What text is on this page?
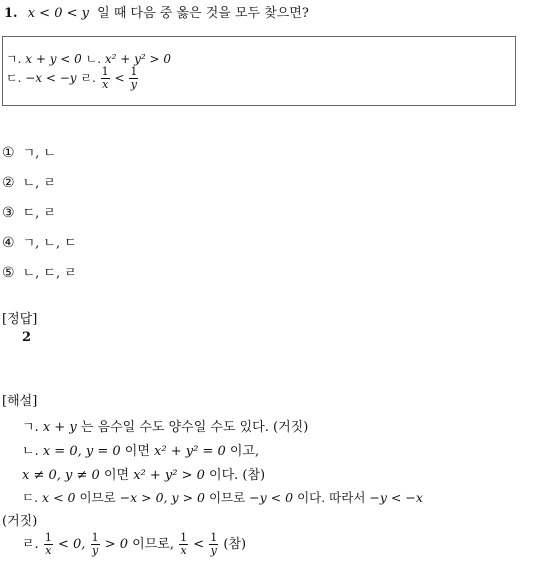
1. x < 0 < y 일 때 다음 중 옳은 것을 모두 찾으면?
ㄱ. x + y < 0 ㄴ. x² + y² > 0
ㄷ. −x < −y ㄹ. $\frac{1}{x} < \frac{1}{y}$
① ㄱ, ㄴ
② ㄴ, ㄹ
③ ㄷ, ㄹ
④ ㄱ, ㄴ, ㄷ
⑤ ㄴ, ㄷ, ㄹ
[정답]
2
[해설]
ㄱ. x + y 는 음수일 수도 양수일 수도 있다. (거짓)
ㄴ. x = 0, y = 0 이면 x² + y² = 0 이고,
x ≠ 0, y ≠ 0 이면 x² + y² > 0 이다. (참)
ㄷ. x < 0 이므로 −x > 0, y > 0 이므로 −y < 0 이다. 따라서 −y < −x
(거짓)
ㄹ. $\frac{1}{x} < 0$, $\frac{1}{y} > 0$ 이므로, $\frac{1}{x} < \frac{1}{y}$ (참)
